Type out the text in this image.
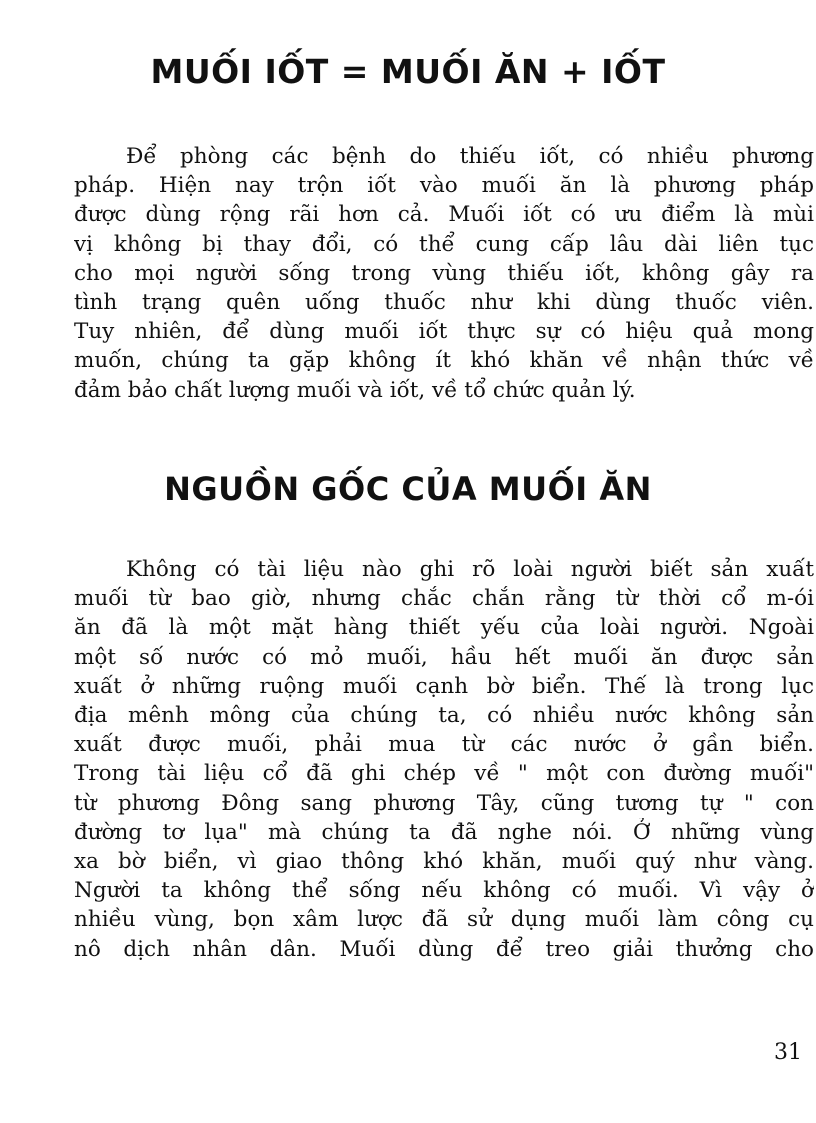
MUỐI IỐT = MUỐI ĂN + IỐT
Để phòng các bệnh do thiếu iốt, có nhiều phương
pháp. Hiện nay trộn iốt vào muối ăn là phương pháp
được dùng rộng rãi hơn cả. Muối iốt có ưu điểm là mùi
vị không bị thay đổi, có thể cung cấp lâu dài liên tục
cho mọi người sống trong vùng thiếu iốt, không gây ra
tình trạng quên uống thuốc như khi dùng thuốc viên.
Tuy nhiên, để dùng muối iốt thực sự có hiệu quả mong
muốn, chúng ta gặp không ít khó khăn về nhận thức về
đảm bảo chất lượng muối và iốt, về tổ chức quản lý.
NGUỒN GỐC CỦA MUỐI ĂN
Không có tài liệu nào ghi rõ loài người biết sản xuất
muối từ bao giờ, nhưng chắc chắn rằng từ thời cổ m-ói
ăn đã là một mặt hàng thiết yếu của loài người. Ngoài
một số nước có mỏ muối, hầu hết muối ăn được sản
xuất ở những ruộng muối cạnh bờ biển. Thế là trong lục
địa mênh mông của chúng ta, có nhiều nước không sản
xuất được muối, phải mua từ các nước ở gần biển.
Trong tài liệu cổ đã ghi chép về " một con đường muối"
từ phương Đông sang phương Tây, cũng tương tự " con
đường tơ lụa" mà chúng ta đã nghe nói. Ở những vùng
xa bờ biển, vì giao thông khó khăn, muối quý như vàng.
Người ta không thể sống nếu không có muối. Vì vậy ở
nhiều vùng, bọn xâm lược đã sử dụng muối làm công cụ
nô dịch nhân dân. Muối dùng để treo giải thưởng cho

31
